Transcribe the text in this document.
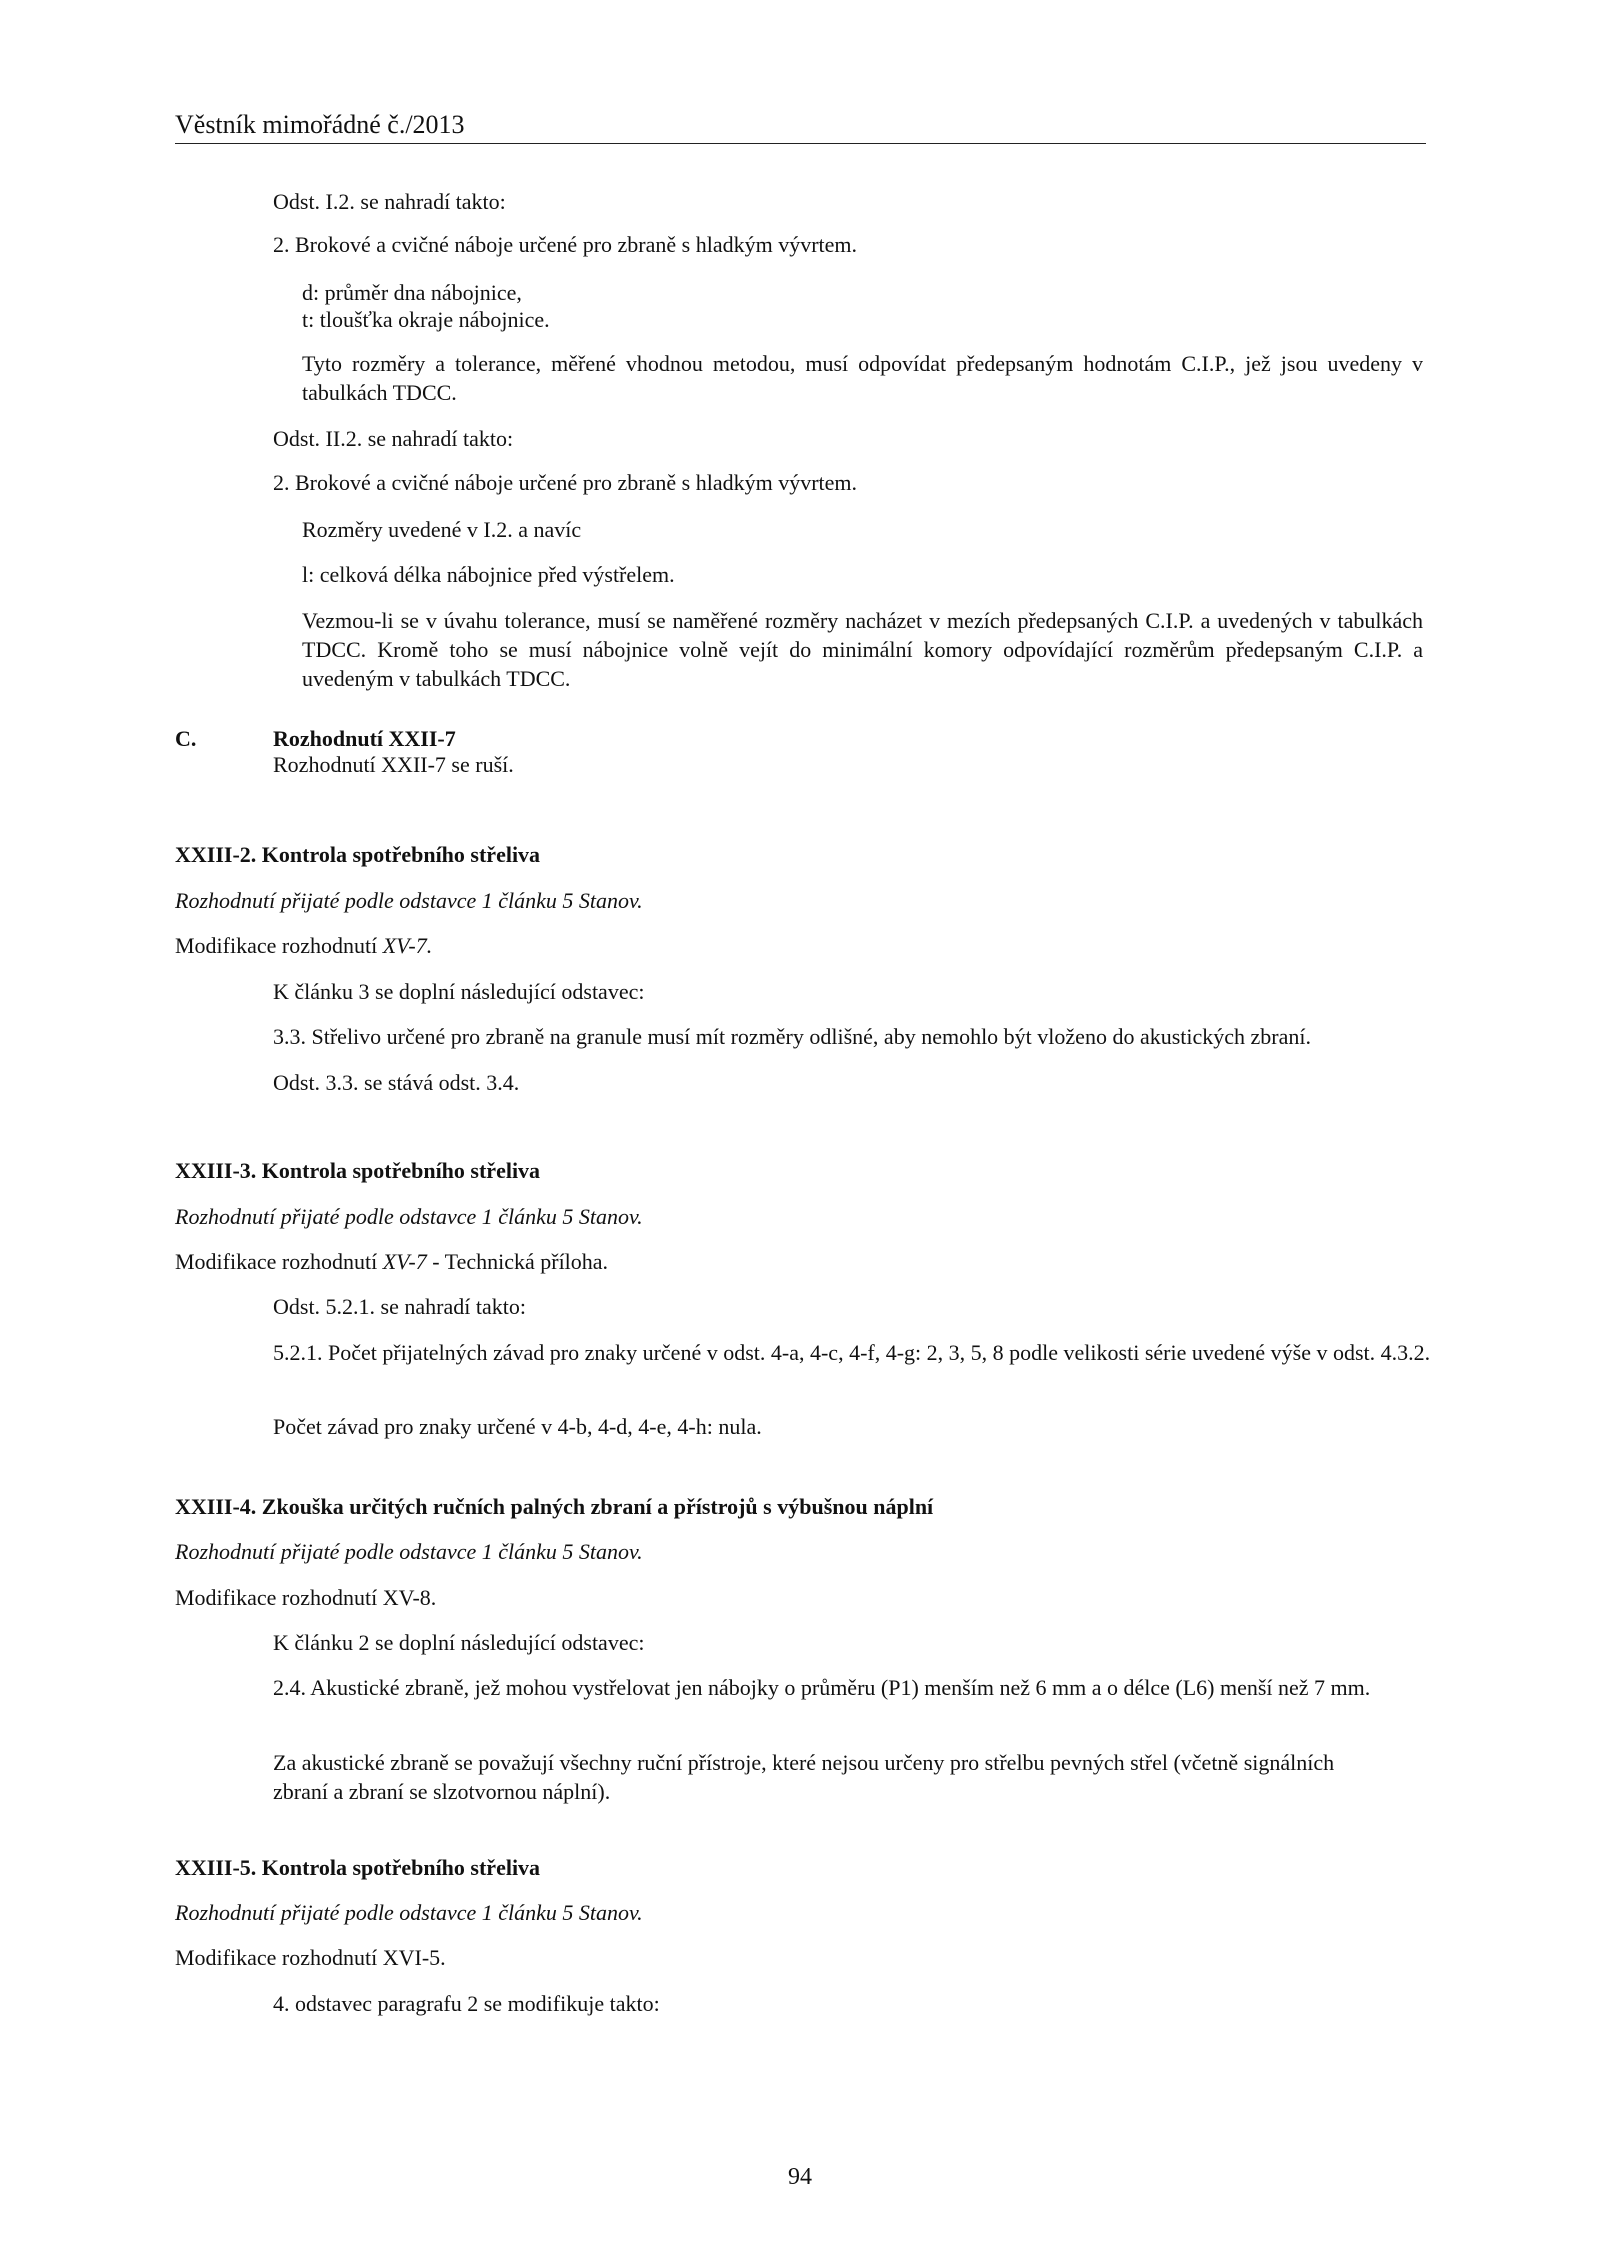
Věstník mimořádné č./2013

Odst. I.2. se nahradí takto:

2. Brokové a cvičné náboje určené pro zbraně s hladkým vývrtem.

d: průměr dna nábojnice,

t: tloušťka okraje nábojnice.

Tyto rozměry a tolerance, měřené vhodnou metodou, musí odpovídat předepsaným hodnotám C.I.P., jež jsou uvedeny v tabulkách TDCC.

Odst. II.2. se nahradí takto:

2. Brokové a cvičné náboje určené pro zbraně s hladkým vývrtem.

Rozměry uvedené v I.2. a navíc

l: celková délka nábojnice před výstřelem.

Vezmou-li se v úvahu tolerance, musí se naměřené rozměry nacházet v mezích předepsaných C.I.P. a uvedených v tabulkách TDCC. Kromě toho se musí nábojnice volně vejít do minimální komory odpovídající rozměrům předepsaným C.I.P. a uvedeným v tabulkách TDCC.

C.	Rozhodnutí XXII-7

Rozhodnutí XXII-7 se ruší.

XXIII-2. Kontrola spotřebního střeliva

Rozhodnutí přijaté podle odstavce 1 článku 5 Stanov.

Modifikace rozhodnutí XV-7.

K článku 3 se doplní následující odstavec:

3.3. Střelivo určené pro zbraně na granule musí mít rozměry odlišné, aby nemohlo být vloženo do akustických zbraní.

Odst. 3.3. se stává odst. 3.4.

XXIII-3. Kontrola spotřebního střeliva

Rozhodnutí přijaté podle odstavce 1 článku 5 Stanov.

Modifikace rozhodnutí XV-7 - Technická příloha.

Odst. 5.2.1. se nahradí takto:

5.2.1. Počet přijatelných závad pro znaky určené v odst. 4-a, 4-c, 4-f, 4-g: 2, 3, 5, 8 podle velikosti série uvedené výše v odst. 4.3.2.

Počet závad pro znaky určené v 4-b, 4-d, 4-e, 4-h: nula.

XXIII-4. Zkouška určitých ručních palných zbraní a přístrojů s výbušnou náplní

Rozhodnutí přijaté podle odstavce 1 článku 5 Stanov.

Modifikace rozhodnutí XV-8.

K článku 2 se doplní následující odstavec:

2.4. Akustické zbraně, jež mohou vystřelovat jen nábojky o průměru (P1) menším než 6 mm a o délce (L6) menší než 7 mm.

Za akustické zbraně se považují všechny ruční přístroje, které nejsou určeny pro střelbu pevných střel (včetně signálních zbraní a zbraní se slzotvornou náplní).

XXIII-5. Kontrola spotřebního střeliva

Rozhodnutí přijaté podle odstavce 1 článku 5 Stanov.

Modifikace rozhodnutí XVI-5.

4. odstavec paragrafu 2 se modifikuje takto:

94
